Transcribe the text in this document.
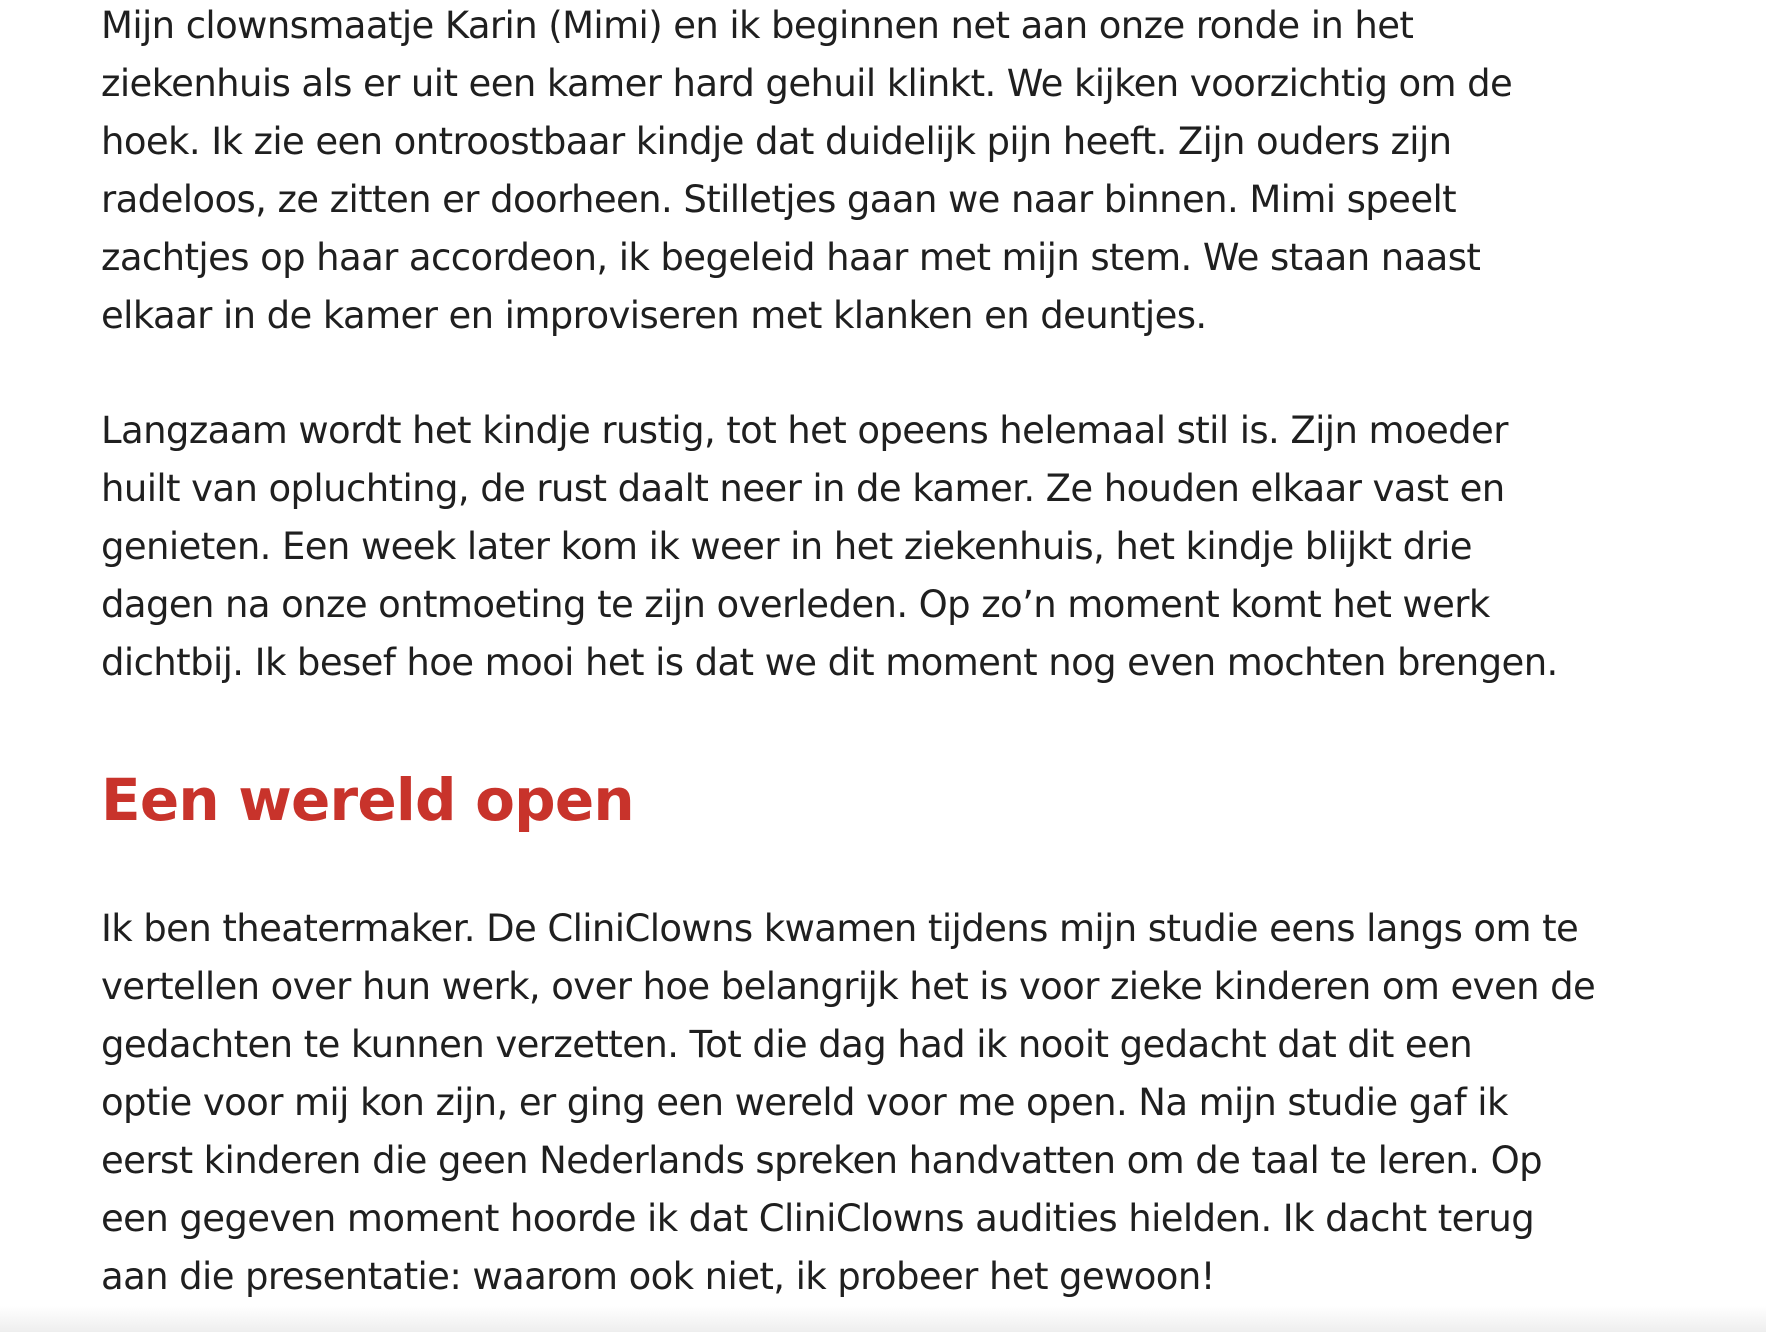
Mijn clownsmaatje Karin (Mimi) en ik beginnen net aan onze ronde in het
ziekenhuis als er uit een kamer hard gehuil klinkt. We kijken voorzichtig om de
hoek. Ik zie een ontroostbaar kindje dat duidelijk pijn heeft. Zijn ouders zijn
radeloos, ze zitten er doorheen. Stilletjes gaan we naar binnen. Mimi speelt
zachtjes op haar accordeon, ik begeleid haar met mijn stem. We staan naast
elkaar in de kamer en improviseren met klanken en deuntjes.

Langzaam wordt het kindje rustig, tot het opeens helemaal stil is. Zijn moeder
huilt van opluchting, de rust daalt neer in de kamer. Ze houden elkaar vast en
genieten. Een week later kom ik weer in het ziekenhuis, het kindje blijkt drie
dagen na onze ontmoeting te zijn overleden. Op zo’n moment komt het werk
dichtbij. Ik besef hoe mooi het is dat we dit moment nog even mochten brengen.

Een wereld open

Ik ben theatermaker. De CliniClowns kwamen tijdens mijn studie eens langs om te
vertellen over hun werk, over hoe belangrijk het is voor zieke kinderen om even de
gedachten te kunnen verzetten. Tot die dag had ik nooit gedacht dat dit een
optie voor mij kon zijn, er ging een wereld voor me open. Na mijn studie gaf ik
eerst kinderen die geen Nederlands spreken handvatten om de taal te leren. Op
een gegeven moment hoorde ik dat CliniClowns audities hielden. Ik dacht terug
aan die presentatie: waarom ook niet, ik probeer het gewoon!
